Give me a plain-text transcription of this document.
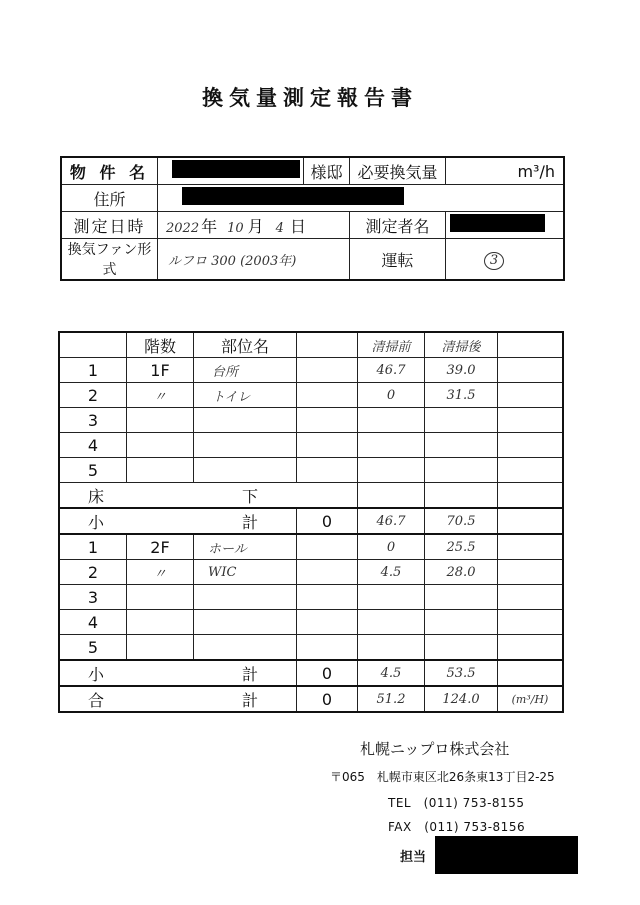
換気量測定報告書
物 件 名		様邸	必要換気量	m³/h
住所				
測定日時	2022 年 10 月 4 日		測定者名	
換気ファン形式	ルフロ 300 (2003年)		運転	3
	階数	部位名		清掃前	清掃後	
1	1F	台所		46.7	39.0	
2	〃	トイレ		0	31.5	
3						
4						
5						
床 下						
小 計			0	46.7	70.5	
1	2F	ホール		0	25.5	
2	〃	WIC		4.5	28.0	
3						
4						
5						
小 計			0	4.5	53.5	
合 計			0	51.2	124.0	(m³/H)
札幌ニップロ株式会社
〒065　札幌市東区北26条東13丁目2-25
TEL　(011) 753-8155
FAX　(011) 753-8156
担当
